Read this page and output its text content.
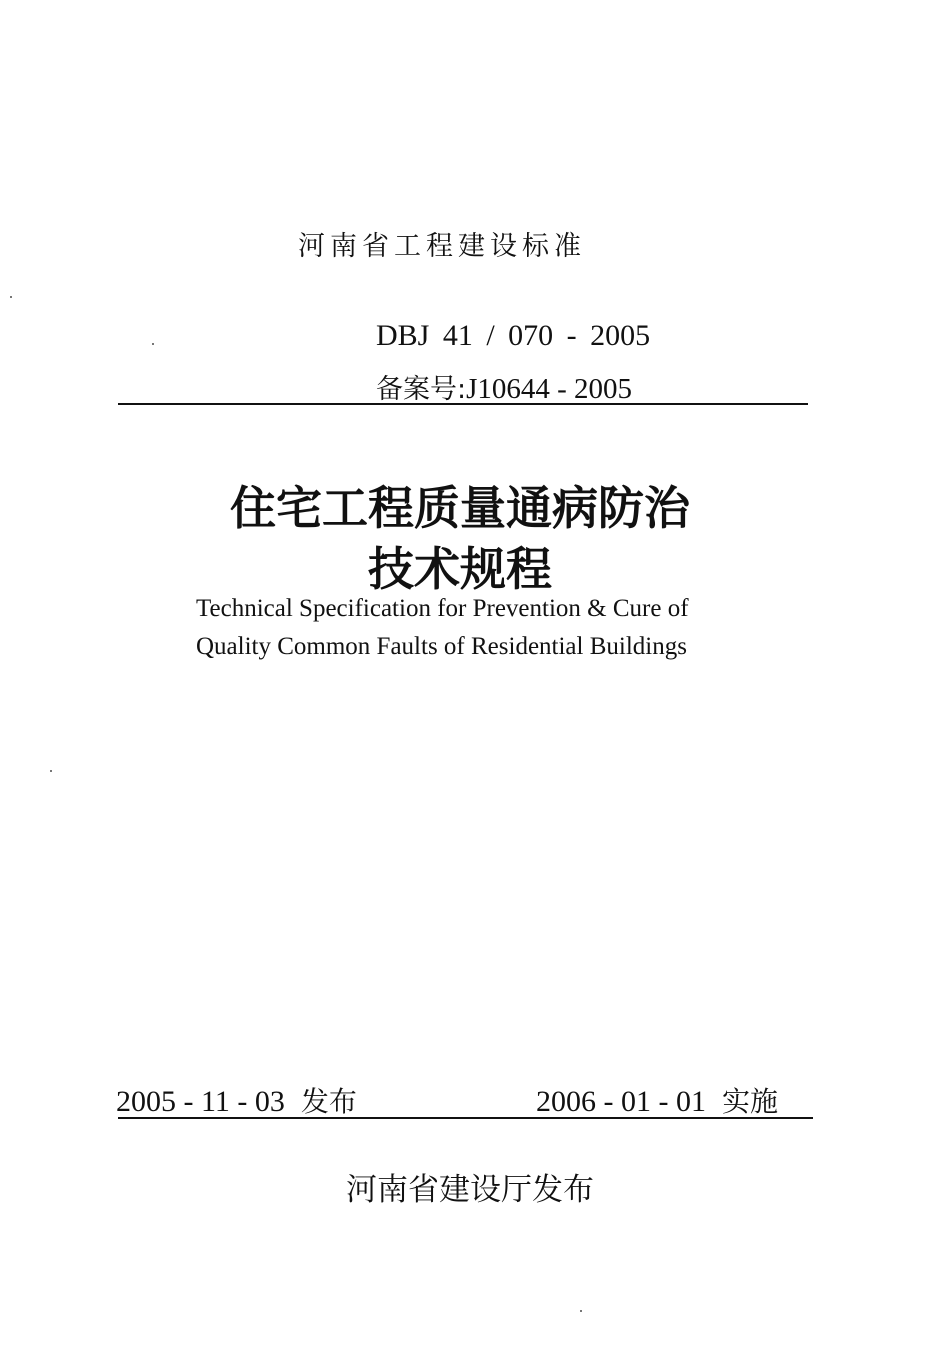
河南省工程建设标准
DBJ 41 / 070 - 2005
备案号:J10644 - 2005
住宅工程质量通病防治
技术规程
Technical Specification for Prevention & Cure of
Quality Common Faults of Residential Buildings
2005 - 11 - 03 发布	2006 - 01 - 01 实施
河南省建设厅发布
